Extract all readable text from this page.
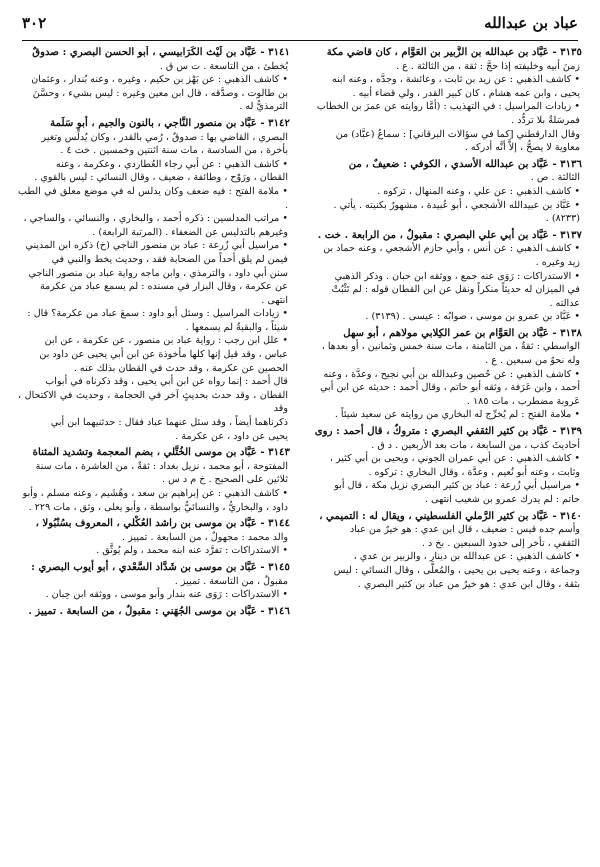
عباد بن عبدالله
٣٠٢
٣١٣٥ - عَبَّاد بن عبدالله بن الزُّبير بن العَوَّام ، كان قاضي مكة
زمنَ أبيه وخليفته إذا حجَّ : ثقة ، من الثالثة . ع .
• كاشف الذهبي : عن زيد بن ثابت ، وعائشة ، وجدَّه ، وعنه ابنه
يحيى ، وابن عمه هشام ، كان كبير القدر ، ولي قضاء أبيه .
• زيادات المراسيل : في التهذيب : (أمَّا روايته عن عمرَ بن الخطاب
فمرسَلةٌ بلا تردُّد .
وقال الدارقطني [كما في سؤالات البرقاني] : سماعُ (عبَّاد) من
معاوية لا يصحُّ ، إلاَّ أنَّه أدركه .
٣١٣٦ - عَبَّاد بن عبدالله الأسدي ، الكوفي : ضعيفٌ ، من
الثالثة . ص .
• كاشف الذهبي : عن علي ، وعنه المنهال ، تركوه .
• عَبَّاد بن عبيدالله الأشجعي ، أبو عُبيدة ، مشهورٌ بكنيته . يأتي .
(٨٢٣٣) .
٣١٣٧ - عَبَّاد بن أبي علي البصري : مقبولٌ ، من الرابعة . خت .
• كاشف الذهبي : عن أنس ، وأبي حازم الأشجعي ، وعنه حماد بن
زيد وغيره .
• الاستدراكات : رَوَى عنه جمع ، ووثقه ابن حبان . وذكر الذهبي
في الميزان له حديثاً منكراً ونقل عن ابن القطان قوله : لم تَثْبُتْ
عدالته .
• عَبَّاد بن عمرو بن موسى ، صوابُه : عيسى . (٣١٣٩) .
٣١٣٨ - عَبَّاد بن العَوَّام بن عمر الكِلابي مولاهم ، أبو سهل
الواسطي : ثقةٌ ، من الثامنة ، مات سنة خمس وثمانين ، أو بعدها ،
وله نحوٌ من سبعين . ع .
• كاشف الذهبي : عن حُصين وعبدالله بن أبي نجيح ، وعدَّة ، وعنه
أحمد ، وابن عَرَفة ، وثقه أبو حاتم ، وقال أحمد : حديثه عن ابن أبي
عَروبة مضطرب ، مات ١٨٥ .
• ملامة الفتح : لم يُخرِّج له البخاري من روايته عن سعيد شيئاً .
٣١٣٩ - عَبَّاد بن كثير الثقفي البصري : متروكٌ ، قال أحمد : روى
أحاديثَ كذب ، من السابعة ، مات بعد الأربعين . د ق .
• كاشف الذهبي : عن أبي عمران الجوني ، ويحيى بن أبي كثير ،
وثابت ، وعنه أبو نُعيم ، وعدَّة ، وقال البخاري : تركوه .
• مراسيل أبي زُرعة : عباد بن كثير البصري نزيل مكة ، قال أبو
حاتم : لم يدرك عمرو بن شعيب انتهى .
٣١٤٠ - عَبَّاد بن كثير الرَّملي الفلسطيني ، ويقال له : التميمي ،
وأسم جده قيس : ضعيف ، قال ابن عدي : هو خيرٌ من عباد
الثقفي ، تأخر إلى حدود السبعين . بخ د .
• كاشف الذهبي : عن عبدالله بن دينار ، والزبير بن عدي ،
وجماعة ، وعنه يحيى بن يحيى ، والمُعلَّى ، وقال النسائي : ليس
بثقة ، وقال ابن عدي : هو خيرٌ من عباد بن كثير البصري .
٣١٤١ - عَبَّاد بن لَيْث الكَرَابيسي ، أبو الحسن البصري : صدوقٌ
يُخطئ ، من التاسعة . ت س ق .
• كاشف الذهبي : عن بَهْز بن حكيم ، وغيره ، وعنه بُندار ، وعثمان
بن طالوت ، وصدَّقه ، قال ابن معين وغيره : ليس بشيء ، وحسَّنَ
الترمذيُّ له .
٣١٤٢ - عَبَّاد بن منصور النَّاجي ، بالنون والجيم ، أبو سَلَمة
البصري ، القاضي بها : صدوقٌ ، رُمي بالقدر ، وكان يُدلِّس وتغير
بأخرة ، من السادسة ، مات سنة اثنتين وخمسين . خت ٤ .
• كاشف الذهبي : عن أبي رجاء العُطاردي ، وعكرمة ، وعنه
القطان ، ورَوْح ، وطائفة ، ضعيف ، وقال النسائي : ليس بالقوي .
• ملامة الفتح : فيه ضعف وكان يدلس له في موضع معلق في الطب .
• مراتب المدلسين : ذكره أحمد ، والبخاري ، والنسائي ، والساجي ،
وغيرهم بالتدليس عن الضعفاء . (المرتبة الرابعة) .
• مراسيل أبي زُرعة : عباد بن منصور الناجي (خ) ذكره ابن المديني
فيمن لم يلق أحداً من الصحابة فقد ، وحديث يخط والنبي في
سنن أبي داود ، والترمذي ، وابن ماجه رواية عباد بن منصور الناجي
عن عكرمة ، وقال البزار في مسنده : لم يسمع عباد من عكرمة
انتهى .
• زيادات المراسيل : وسئل أبو داود : سمعَ عباد من عكرمة؟ قال :
شيئاً ، والبقيةُ لم يسمعها .
• علل ابن رجب : رواية عباد بن منصور ، عن عكرمة ، عن ابن
عباس ، وقد قيل إنها كلها مأخوذة عن ابن أبي يحيى عن داود بن
الحصين عن عكرمة ، وقد حدث في القطان بذلك عنه .
قال أحمد : إنما رواه عن ابن أبي يحيى ، وقد ذكرناه في أبواب
القطان ، وقد حدث بحديثٍ آخر في الحجامة ، وحديث في الاكتحال ، وقد
ذكرناهما أيضاً ، وقد سئل عنهما عباد فقال : حدثنيهما ابن أبي
يحيى عن داود ، عن عكرمة .
٣١٤٣ - عَبَّاد بن موسى الخُتَّلي ، بضم المعجمة وتشديد المثناة
المفتوحة ، أبو محمد ، نزيل بغداد : ثقةٌ ، من العاشرة ، مات سنة
ثلاثين على الصحيح . خ م د س .
• كاشف الذهبي : عن إبراهيم بن سعد ، وهُشَيم ، وعنه مسلم ، وأبو
داود ، والبخاريُّ ، والنسائيُّ بواسطة ، وأبو يعلى ، وثق ، مات ٢٢٩ .
٣١٤٤ - عَبَّاد بن موسى بن راشد العُكْلي ، المعروف بسُنْبُولا ،
والد محمد : مجهولٌ ، من السابعة . تمييز .
• الاستدراكات : تفرَّد عنه ابنه محمد ، ولم يُوثَّق .
٣١٤٥ - عَبَّاد بن موسى بن شَدَّاد السَّعْدي ، أبو أيوب البصري :
مقبولٌ ، من التاسعة . تمييز .
• الاستدراكات : رَوَى عنه بندار وأبو موسى ، ووثقه ابن حِبان .
٣١٤٦ - عَبَّاد بن موسى الجُهَني : مقبولٌ ، من السابعة . تمييز .
